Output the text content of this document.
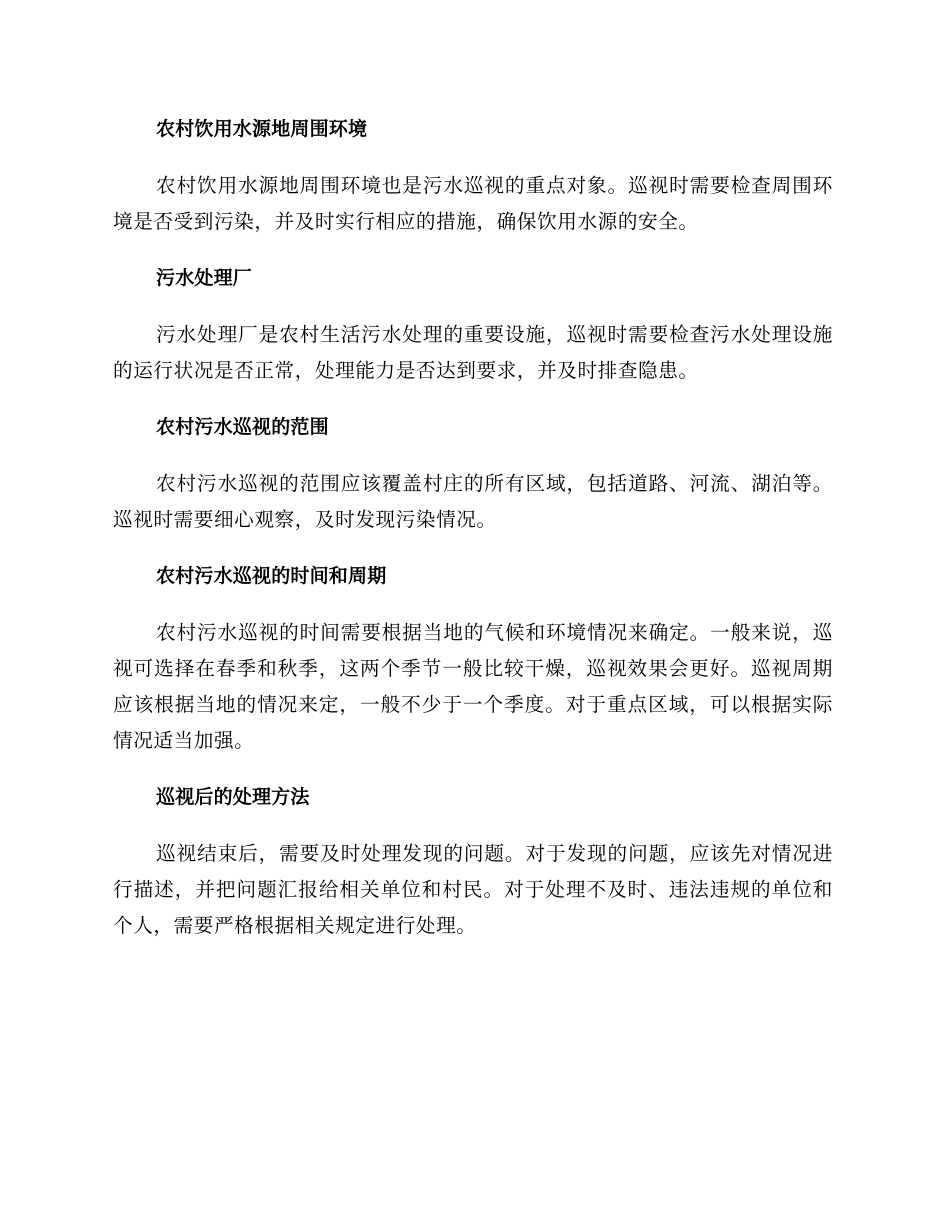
农村饮用水源地周围环境

农村饮用水源地周围环境也是污水巡视的重点对象。巡视时需要检查周围环境是否受到污染，并及时实行相应的措施，确保饮用水源的安全。

污水处理厂

污水处理厂是农村生活污水处理的重要设施，巡视时需要检查污水处理设施的运行状况是否正常，处理能力是否达到要求，并及时排查隐患。

农村污水巡视的范围

农村污水巡视的范围应该覆盖村庄的所有区域，包括道路、河流、湖泊等。巡视时需要细心观察，及时发现污染情况。

农村污水巡视的时间和周期

农村污水巡视的时间需要根据当地的气候和环境情况来确定。一般来说，巡视可选择在春季和秋季，这两个季节一般比较干燥，巡视效果会更好。巡视周期应该根据当地的情况来定，一般不少于一个季度。对于重点区域，可以根据实际情况适当加强。

巡视后的处理方法

巡视结束后，需要及时处理发现的问题。对于发现的问题，应该先对情况进行描述，并把问题汇报给相关单位和村民。对于处理不及时、违法违规的单位和个人，需要严格根据相关规定进行处理。
